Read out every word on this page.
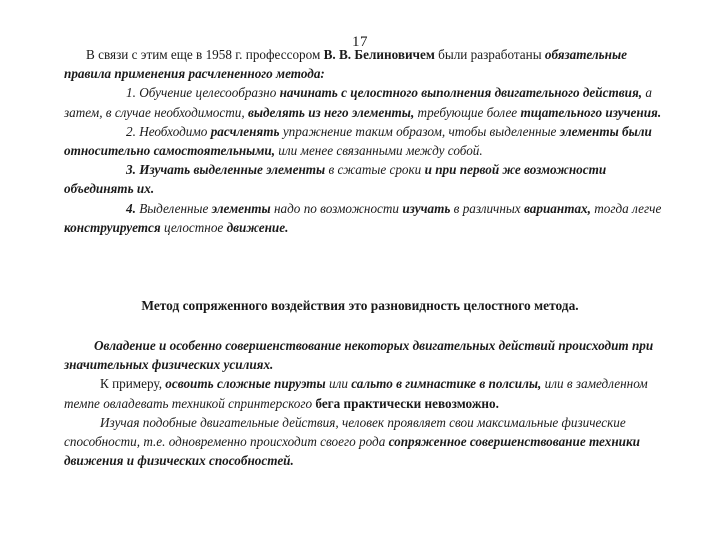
17

В связи с этим еще в 1958 г. профессором В. В. Белиновичем были разработаны обязательные правила применения расчлененного метода:

1. Обучение целесообразно начинать с целостного выполнения двигательного действия, а затем, в случае необходимости, выделять из него элементы, требующие более тщательного изучения.

2. Необходимо расчленять упражнение таким образом, чтобы выделенные элементы были относительно самостоятельными, или менее связанными между собой.

3. Изучать выделенные элементы в сжатые сроки и при первой же возможности объединять их.

4. Выделенные элементы надо по возможности изучать в различных вариантах, тогда легче конструируется целостное движение.

Метод сопряженного воздействия это разновидность целостного метода.

Овладение и особенно совершенствование некоторых двигательных действий происходит при значительных физических усилиях.

К примеру, освоить сложные пируэты или сальто в гимнастике в полсилы, или в замедленном темпе овладевать техникой спринтерского бега практически невозможно.

Изучая подобные двигательные действия, человек проявляет свои максимальные физические способности, т.е. одновременно происходит своего рода сопряженное совершенствование техники движения и физических способностей.
